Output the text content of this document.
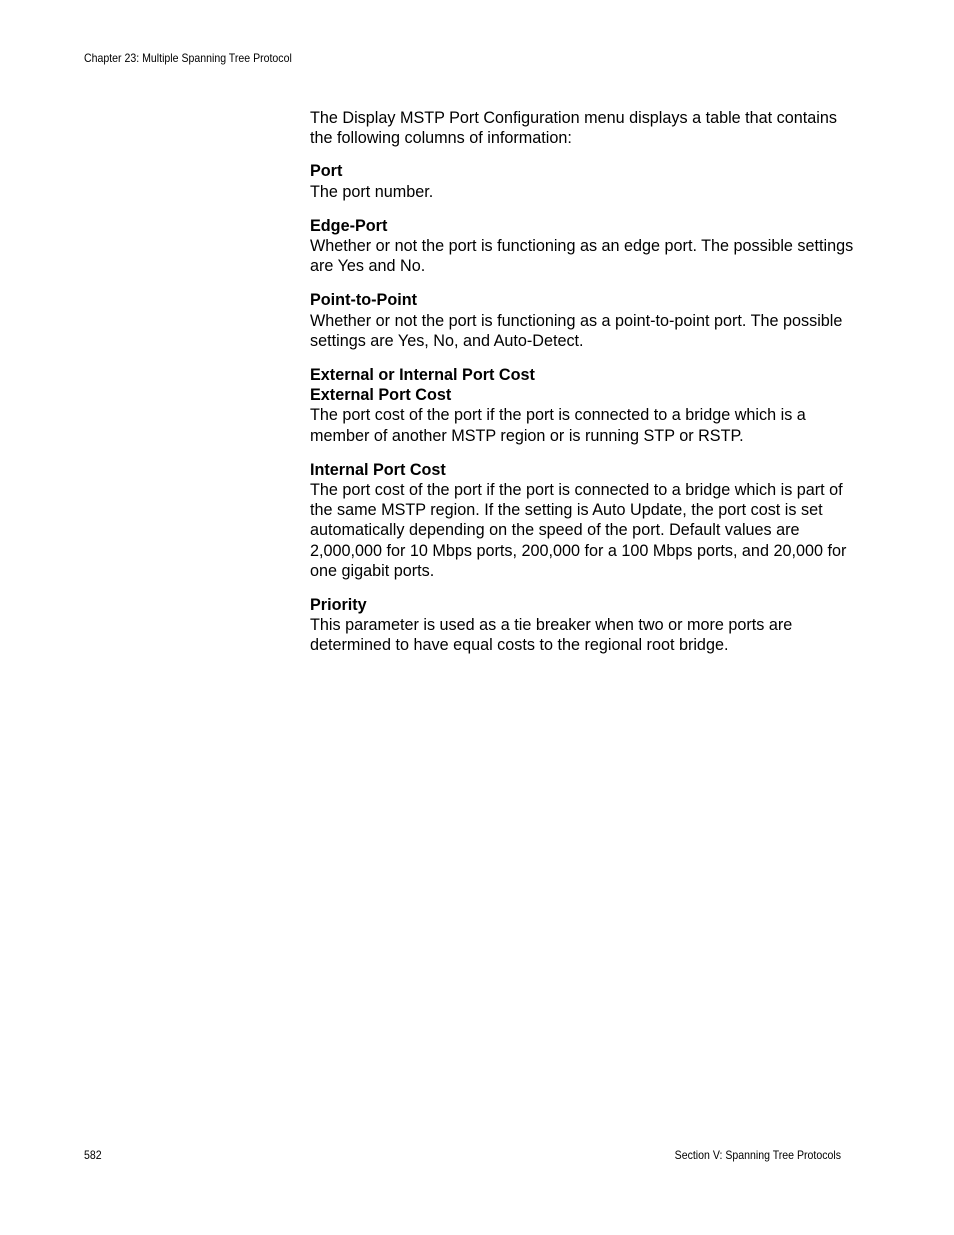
Chapter 23: Multiple Spanning Tree Protocol

The Display MSTP Port Configuration menu displays a table that contains the following columns of information:

Port
The port number.
Edge-Port
Whether or not the port is functioning as an edge port. The possible settings are Yes and No.
Point-to-Point
Whether or not the port is functioning as a point-to-point port. The possible settings are Yes, No, and Auto-Detect.
External or Internal Port Cost
External Port Cost
The port cost of the port if the port is connected to a bridge which is a member of another MSTP region or is running STP or RSTP.
Internal Port Cost
The port cost of the port if the port is connected to a bridge which is part of the same MSTP region. If the setting is Auto Update, the port cost is set automatically depending on the speed of the port. Default values are 2,000,000 for 10 Mbps ports, 200,000 for a 100 Mbps ports, and 20,000 for one gigabit ports.
Priority
This parameter is used as a tie breaker when two or more ports are determined to have equal costs to the regional root bridge.
582	Section V: Spanning Tree Protocols
